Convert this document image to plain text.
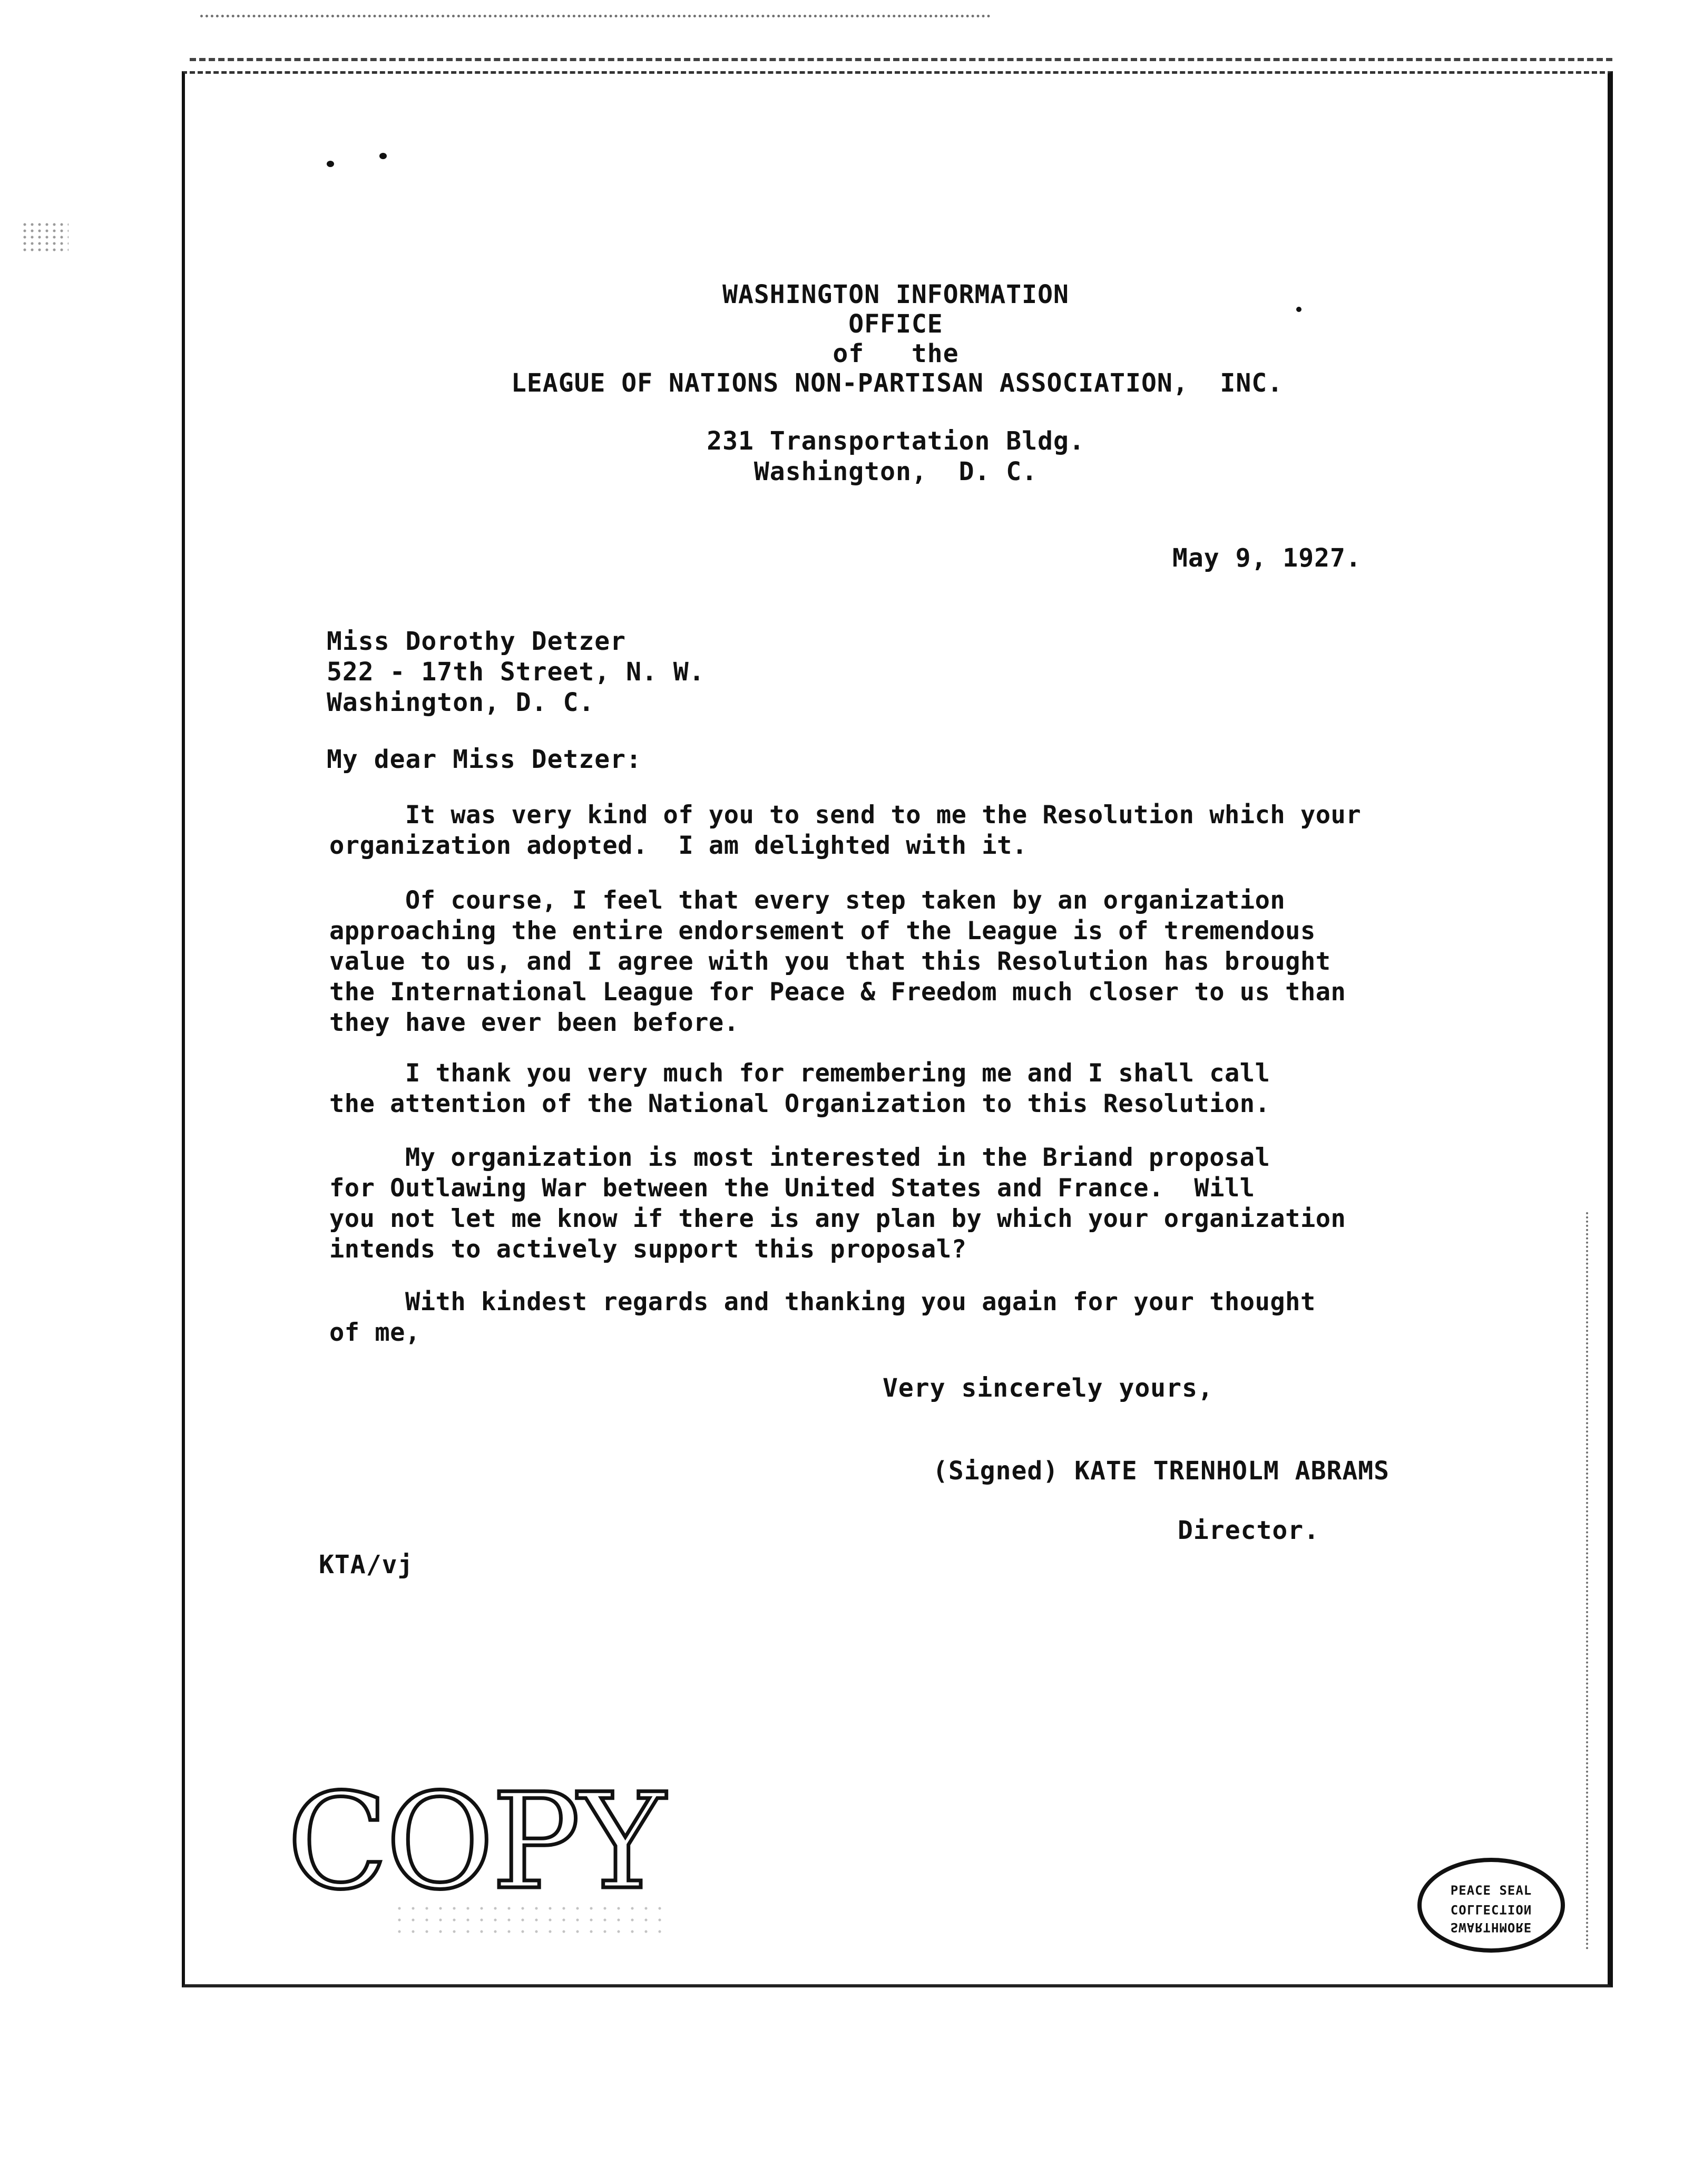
WASHINGTON INFORMATION
OFFICE
of   the
LEAGUE OF NATIONS NON-PARTISAN ASSOCIATION,  INC.
231 Transportation Bldg.
Washington,  D. C.
May 9, 1927.
Miss Dorothy Detzer
522 - 17th Street, N. W.
Washington, D. C.
My dear Miss Detzer:
It was very kind of you to send to me the Resolution which your
organization adopted.  I am delighted with it.
Of course, I feel that every step taken by an organization
approaching the entire endorsement of the League is of tremendous
value to us, and I agree with you that this Resolution has brought
the International League for Peace & Freedom much closer to us than
they have ever been before.
I thank you very much for remembering me and I shall call
the attention of the National Organization to this Resolution.
My organization is most interested in the Briand proposal
for Outlawing War between the United States and France.  Will
you not let me know if there is any plan by which your organization
intends to actively support this proposal?
With kindest regards and thanking you again for your thought
of me,
Very sincerely yours,
(Signed) KATE TRENHOLM ABRAMS
Director.
KTA/vj
COPY	PEACE SEAL
COLLECTION
SWARTHMORE
